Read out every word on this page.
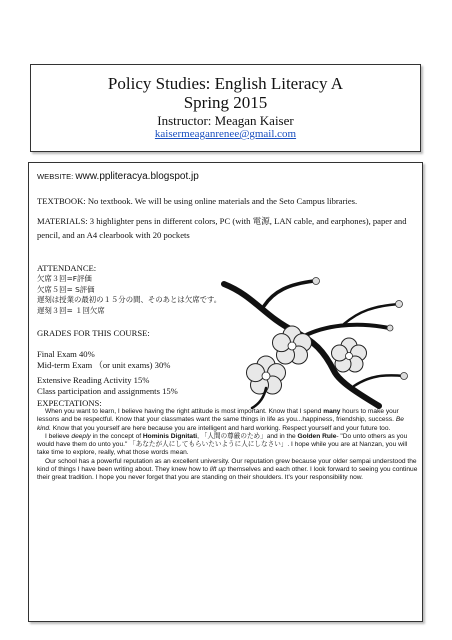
Policy Studies: English Literacy A
Spring 2015
Instructor: Meagan Kaiser
kaisermeaganrenee@gmail.com
WEBSITE: www.ppliteracya.blogspot.jp
TEXTBOOK: No textbook. We will be using online materials and the Seto Campus libraries.
MATERIALS: 3 highlighter pens in different colors, PC (with 電源, LAN cable, and earphones), paper and pencil, and an A4 clearbook with 20 pockets
ATTENDANCE:
欠席３回=F評価
欠席５回= S評価
遅刻は授業の最初の１５分の間、そのあとは欠席です。
遅刻３回= １回欠席
GRADES FOR THIS COURSE:
Final Exam 40%
Mid-term Exam （or unit exams) 30%
Extensive Reading Activity 15%
Class participation and assignments 15%
EXPECTATIONS:

When you want to learn, I believe having the right attitude is most important. Know that I spend many hours to make your lessons and be respectful. Know that your classmates want the same things in life as you...happiness, friendship, success. Be kind. Know that you yourself are here because you are intelligent and hard working. Respect yourself and your future too.

I believe deeply in the concept of Hominis Dignitati, 「人間の尊厳のため」and in the Golden Rule- "Do unto others as you would have them do unto you." 「あなたが人にしてもらいたいように人にしなさい」. I hope while you are at Nanzan, you will take time to explore, really, what those words mean.

Our school has a powerful reputation as an excellent university. Our reputation grew because your older sempai understood the kind of things I have been writing about. They knew how to lift up themselves and each other. I look forward to seeing you continue their great tradition. I hope you never forget that you are standing on their shoulders. It's your responsibility now.
